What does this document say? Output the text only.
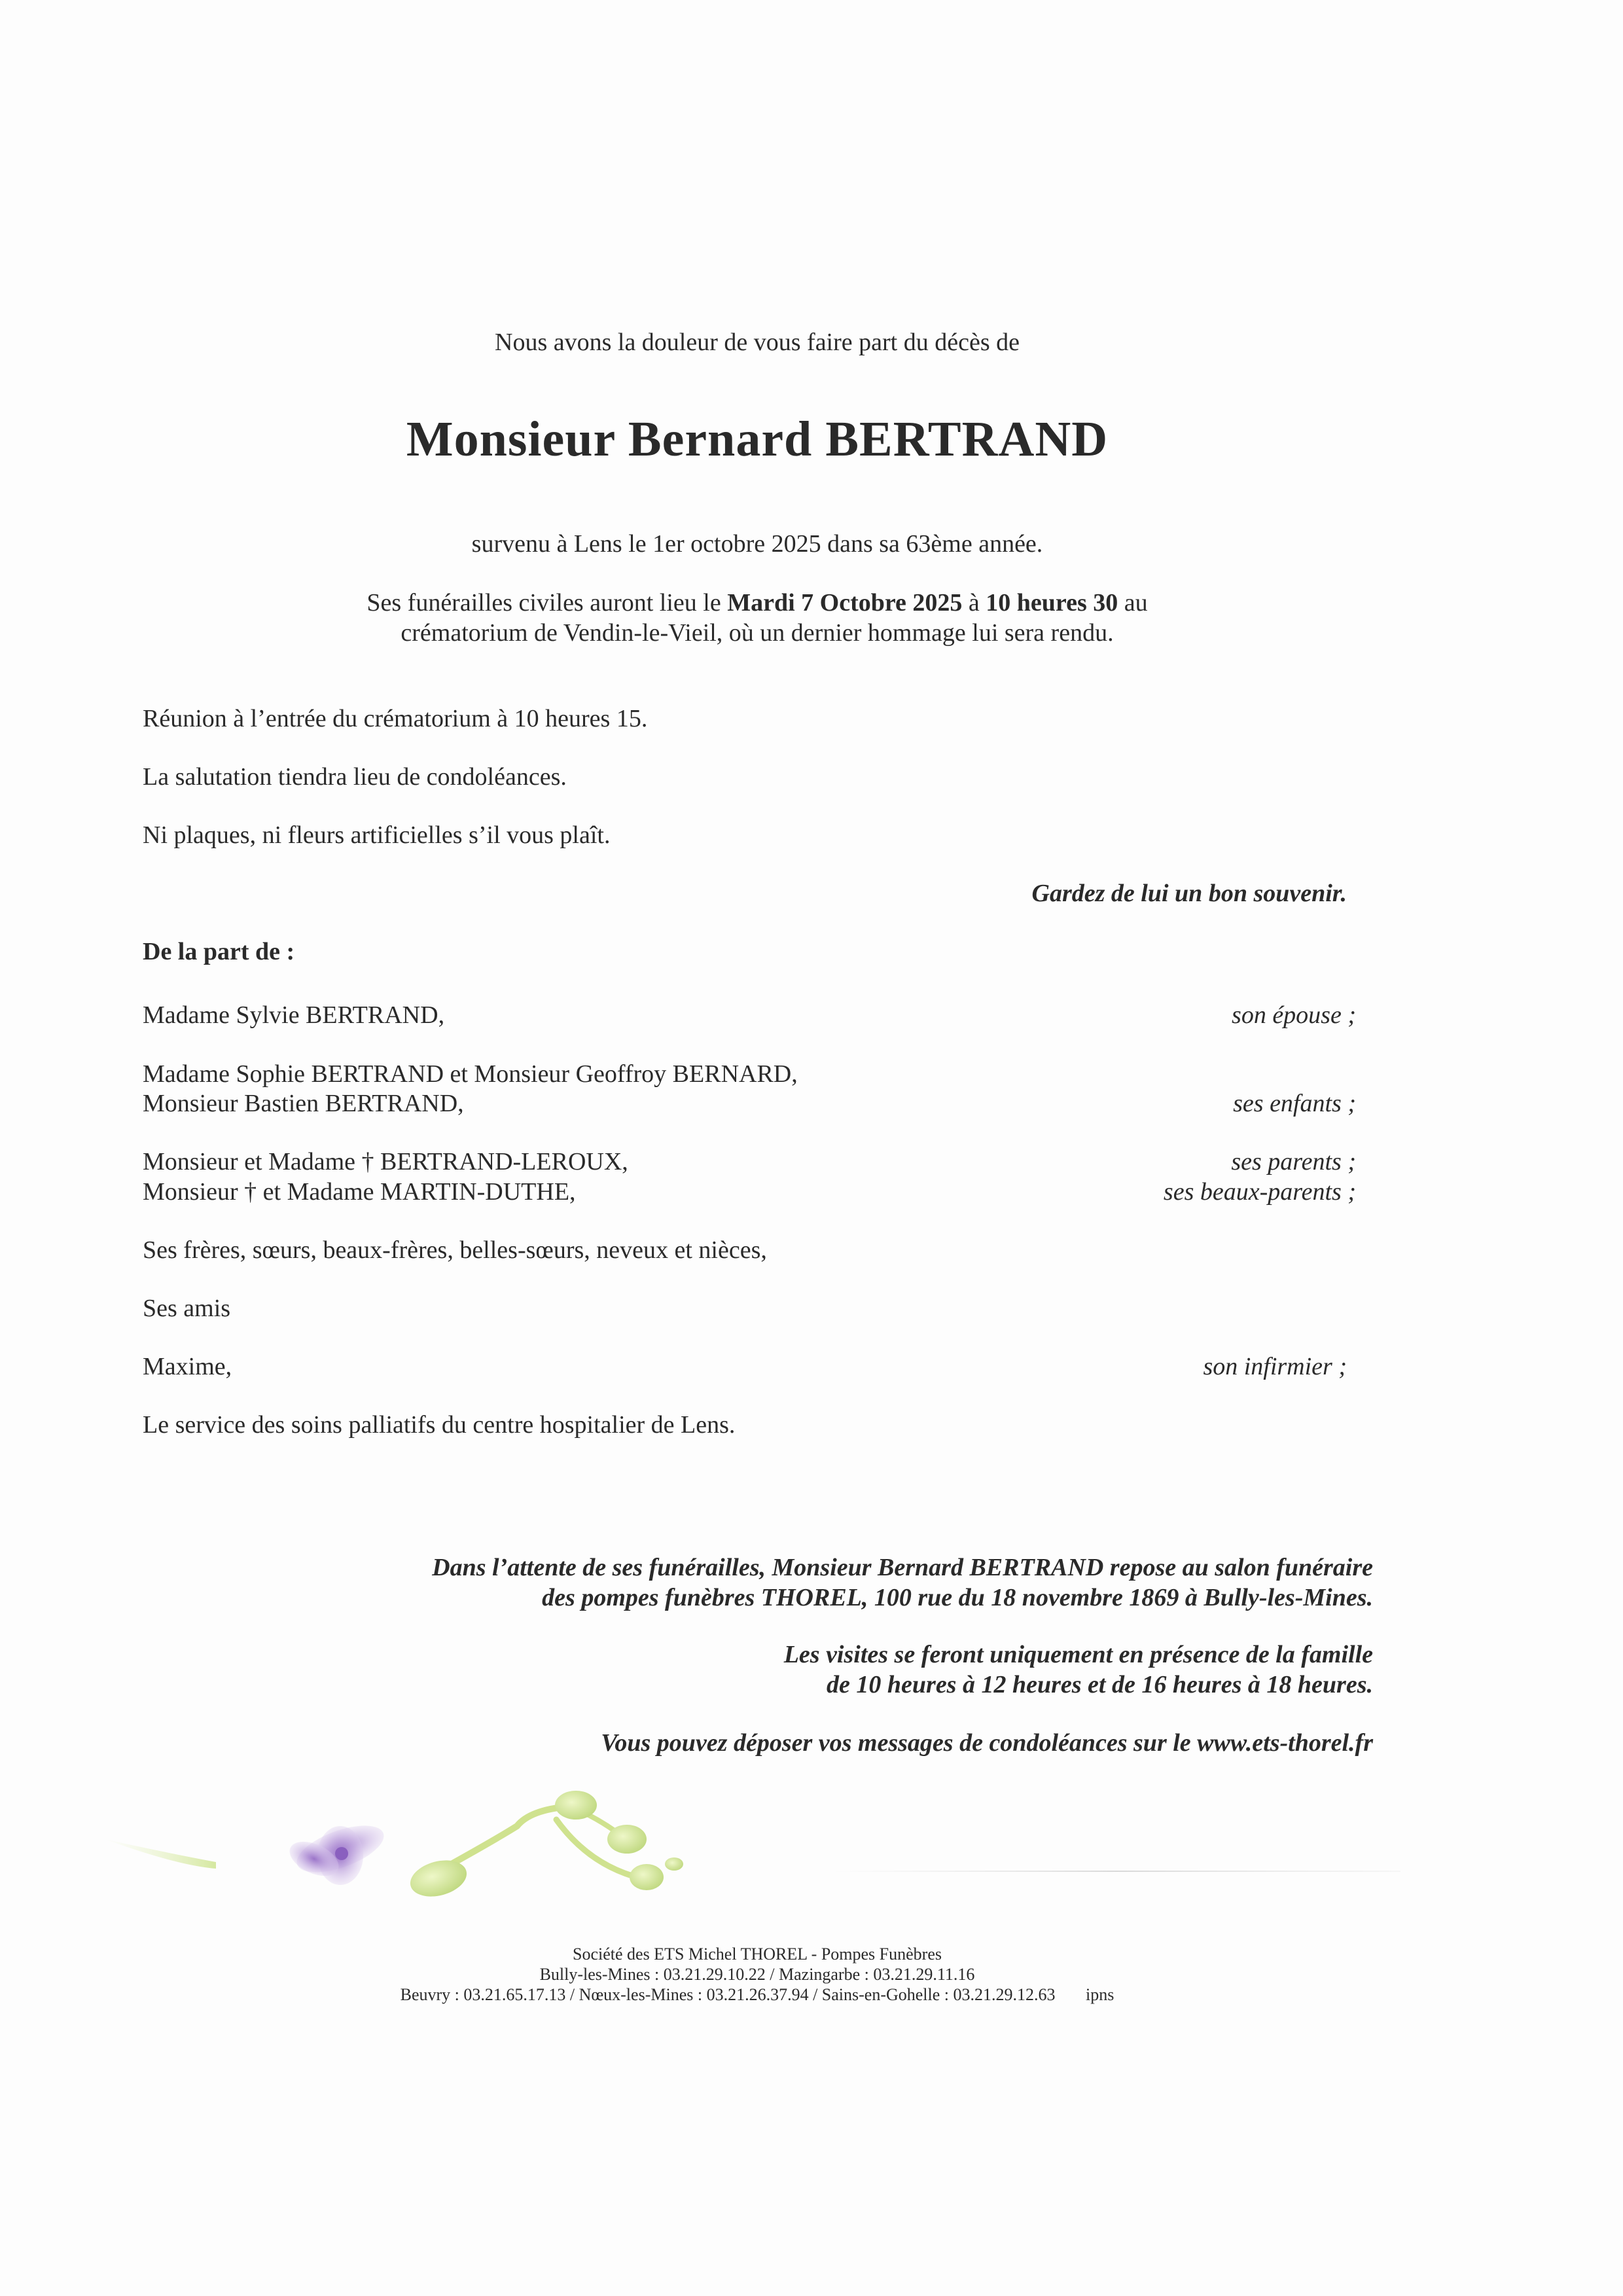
Nous avons la douleur de vous faire part du décès de
Monsieur Bernard BERTRAND
survenu à Lens le 1er octobre 2025 dans sa 63ème année.
Ses funérailles civiles auront lieu le Mardi 7 Octobre 2025 à 10 heures 30 au
crématorium de Vendin-le-Vieil, où un dernier hommage lui sera rendu.
Réunion à l’entrée du crématorium à 10 heures 15.
La salutation tiendra lieu de condoléances.
Ni plaques, ni fleurs artificielles s’il vous plaît.
Gardez de lui un bon souvenir.
De la part de :
Madame Sylvie BERTRAND,	son épouse ;
Madame Sophie BERTRAND et Monsieur Geoffroy BERNARD,
Monsieur Bastien BERTRAND,	ses enfants ;
Monsieur et Madame † BERTRAND-LEROUX,	ses parents ;
Monsieur † et Madame MARTIN-DUTHE,	ses beaux-parents ;
Ses frères, sœurs, beaux-frères, belles-sœurs, neveux et nièces,
Ses amis
Maxime,	son infirmier ;
Le service des soins palliatifs du centre hospitalier de Lens.
Dans l’attente de ses funérailles, Monsieur Bernard BERTRAND repose au salon funéraire
des pompes funèbres THOREL, 100 rue du 18 novembre 1869 à Bully-les-Mines.
Les visites se feront uniquement en présence de la famille
de 10 heures à 12 heures et de 16 heures à 18 heures.
Vous pouvez déposer vos messages de condoléances sur le www.ets-thorel.fr
Société des ETS Michel THOREL - Pompes Funèbres
Bully-les-Mines : 03.21.29.10.22 / Mazingarbe : 03.21.29.11.16
Beuvry : 03.21.65.17.13 / Nœux-les-Mines : 03.21.26.37.94 / Sains-en-Gohelle : 03.21.29.12.63 ipns
